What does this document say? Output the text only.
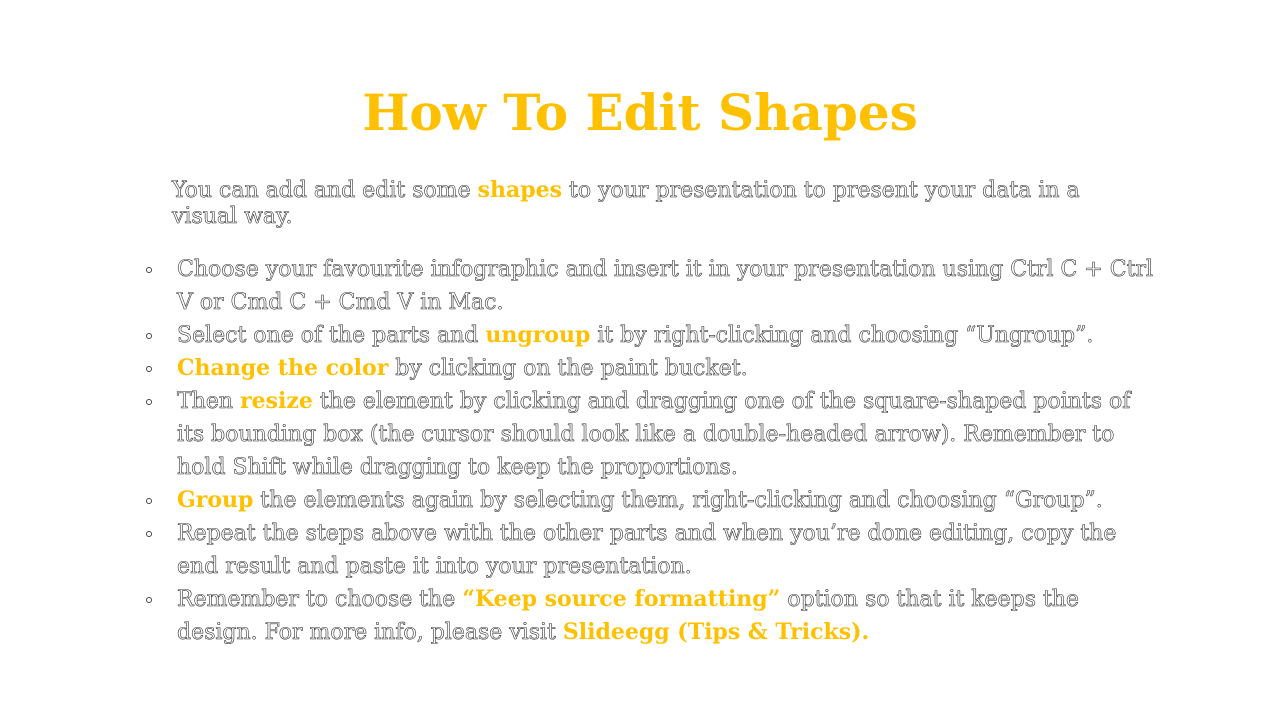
How To Edit Shapes

You can add and edit some shapes to your presentation to present your data in a visual way.

Choose your favourite infographic and insert it in your presentation using Ctrl C + Ctrl V or Cmd C + Cmd V in Mac.
Select one of the parts and ungroup it by right-clicking and choosing “Ungroup”.
Change the color by clicking on the paint bucket.
Then resize the element by clicking and dragging one of the square-shaped points of its bounding box (the cursor should look like a double-headed arrow). Remember to hold Shift while dragging to keep the proportions.
Group the elements again by selecting them, right-clicking and choosing “Group”.
Repeat the steps above with the other parts and when you’re done editing, copy the end result and paste it into your presentation.
Remember to choose the “Keep source formatting” option so that it keeps the design. For more info, please visit Slideegg (Tips & Tricks).
